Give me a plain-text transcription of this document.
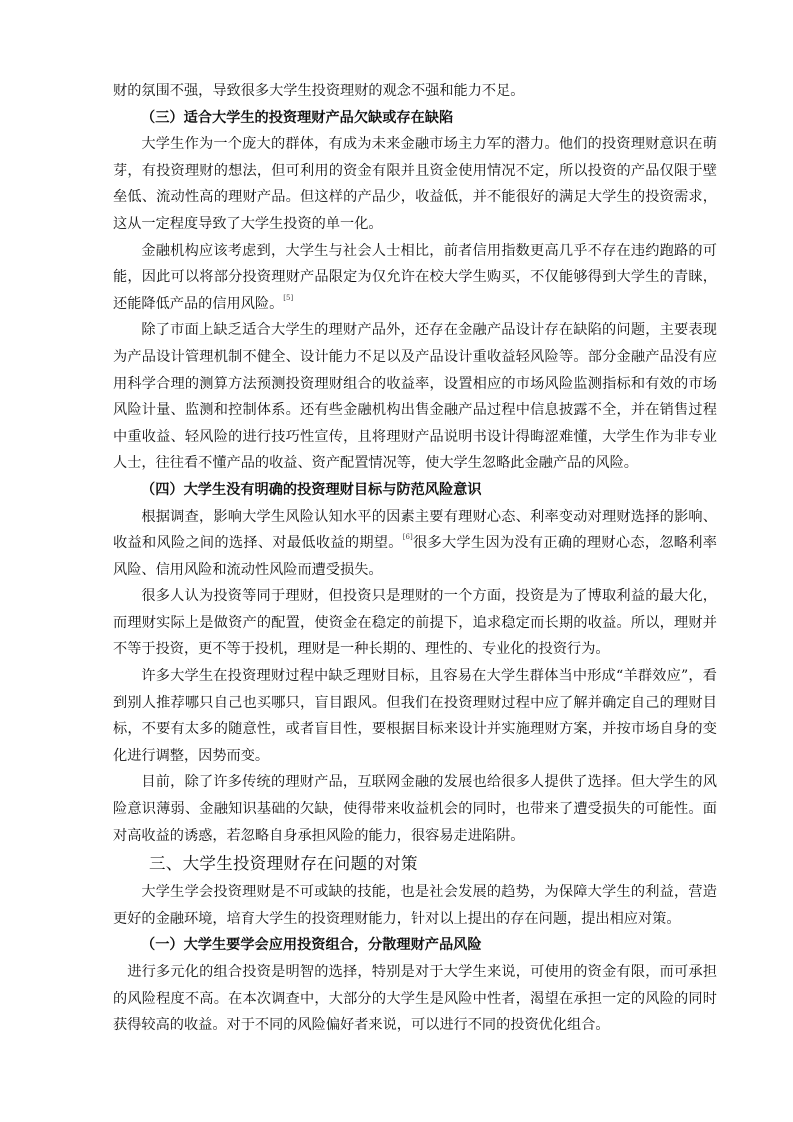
财的氛围不强，导致很多大学生投资理财的观念不强和能力不足。

（三）适合大学生的投资理财产品欠缺或存在缺陷

大学生作为一个庞大的群体，有成为未来金融市场主力军的潜力。他们的投资理财意识在萌芽，有投资理财的想法，但可利用的资金有限并且资金使用情况不定，所以投资的产品仅限于壁垒低、流动性高的理财产品。但这样的产品少，收益低，并不能很好的满足大学生的投资需求，这从一定程度导致了大学生投资的单一化。

金融机构应该考虑到，大学生与社会人士相比，前者信用指数更高几乎不存在违约跑路的可能，因此可以将部分投资理财产品限定为仅允许在校大学生购买，不仅能够得到大学生的青睐，还能降低产品的信用风险。[5]

除了市面上缺乏适合大学生的理财产品外，还存在金融产品设计存在缺陷的问题，主要表现为产品设计管理机制不健全、设计能力不足以及产品设计重收益轻风险等。部分金融产品没有应用科学合理的测算方法预测投资理财组合的收益率，设置相应的市场风险监测指标和有效的市场风险计量、监测和控制体系。还有些金融机构出售金融产品过程中信息披露不全，并在销售过程中重收益、轻风险的进行技巧性宣传，且将理财产品说明书设计得晦涩难懂，大学生作为非专业人士，往往看不懂产品的收益、资产配置情况等，使大学生忽略此金融产品的风险。

（四）大学生没有明确的投资理财目标与防范风险意识

根据调查，影响大学生风险认知水平的因素主要有理财心态、利率变动对理财选择的影响、收益和风险之间的选择、对最低收益的期望。[6]很多大学生因为没有正确的理财心态，忽略利率风险、信用风险和流动性风险而遭受损失。

很多人认为投资等同于理财，但投资只是理财的一个方面，投资是为了博取利益的最大化，而理财实际上是做资产的配置，使资金在稳定的前提下，追求稳定而长期的收益。所以，理财并不等于投资，更不等于投机，理财是一种长期的、理性的、专业化的投资行为。

许多大学生在投资理财过程中缺乏理财目标，且容易在大学生群体当中形成“羊群效应”，看到别人推荐哪只自己也买哪只，盲目跟风。但我们在投资理财过程中应了解并确定自己的理财目标，不要有太多的随意性，或者盲目性，要根据目标来设计并实施理财方案，并按市场自身的变化进行调整，因势而变。

目前，除了许多传统的理财产品，互联网金融的发展也给很多人提供了选择。但大学生的风险意识薄弱、金融知识基础的欠缺，使得带来收益机会的同时，也带来了遭受损失的可能性。面对高收益的诱惑，若忽略自身承担风险的能力，很容易走进陷阱。

三、大学生投资理财存在问题的对策

大学生学会投资理财是不可或缺的技能，也是社会发展的趋势，为保障大学生的利益，营造更好的金融环境，培育大学生的投资理财能力，针对以上提出的存在问题，提出相应对策。

（一）大学生要学会应用投资组合，分散理财产品风险

进行多元化的组合投资是明智的选择，特别是对于大学生来说，可使用的资金有限，而可承担的风险程度不高。在本次调查中，大部分的大学生是风险中性者，渴望在承担一定的风险的同时获得较高的收益。对于不同的风险偏好者来说，可以进行不同的投资优化组合。
